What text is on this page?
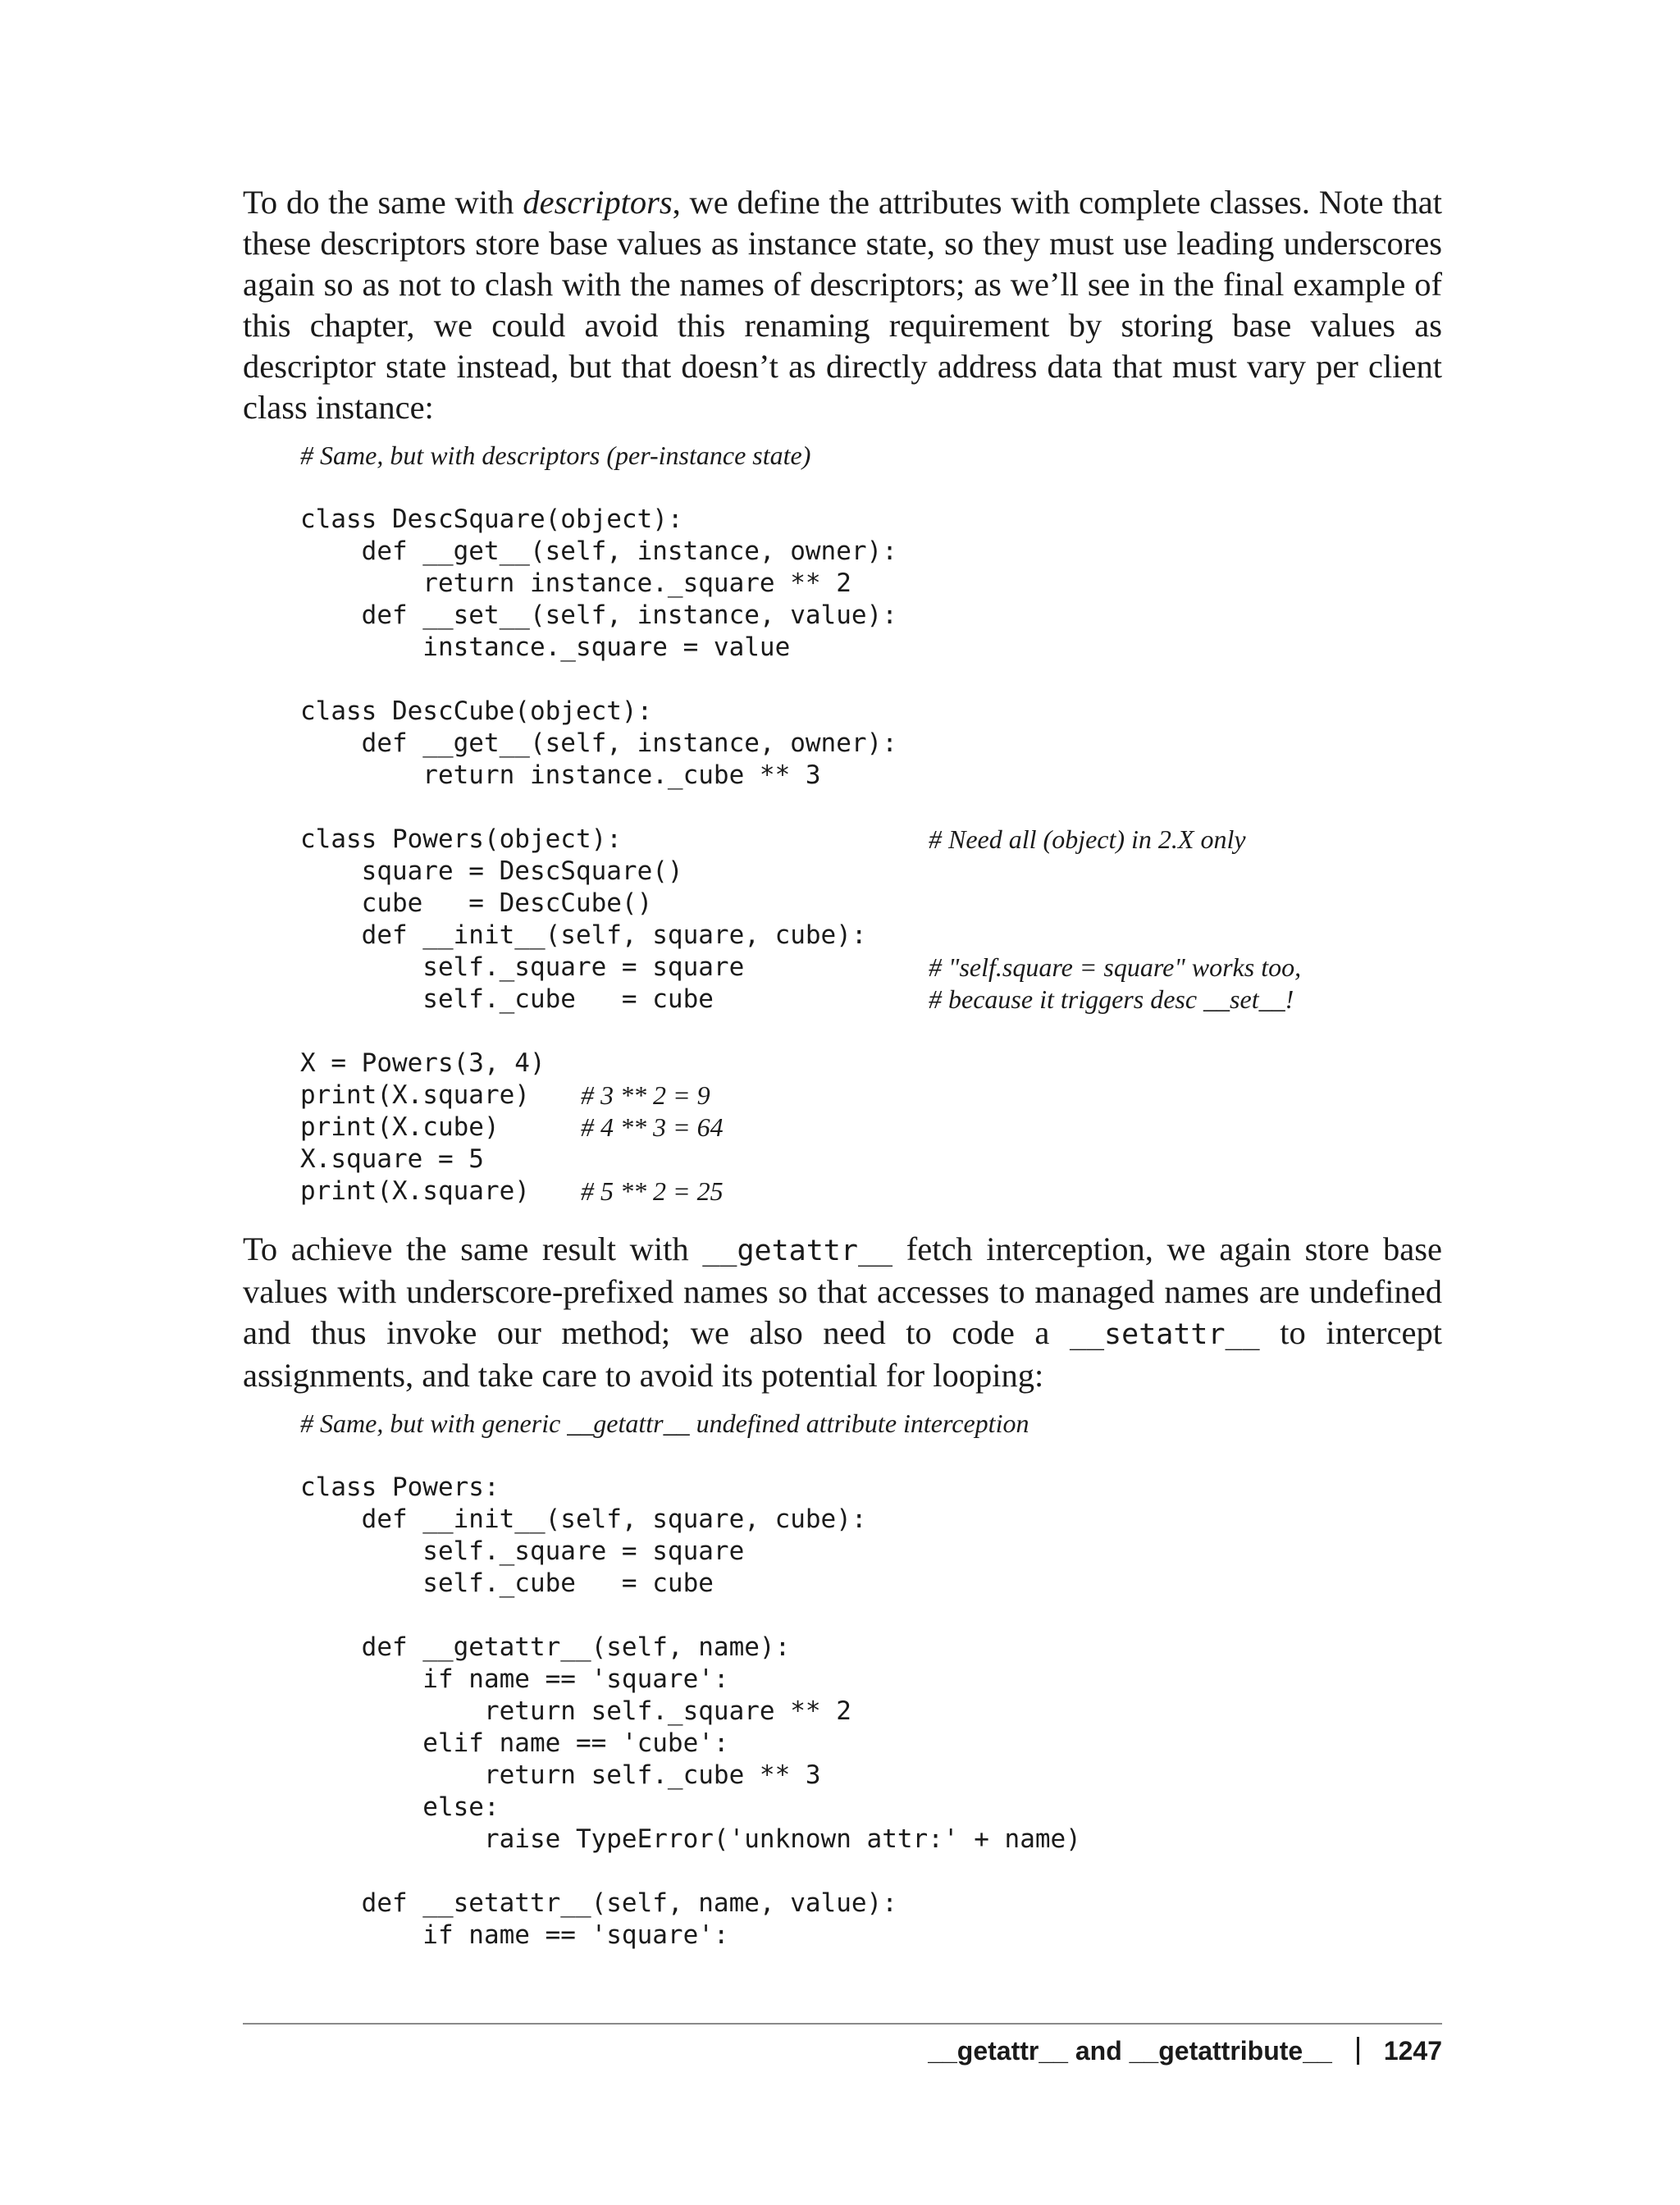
To do the same with descriptors, we define the attributes with complete classes. Note that these descriptors store base values as instance state, so they must use leading underscores again so as not to clash with the names of descriptors; as we’ll see in the final example of this chapter, we could avoid this renaming requirement by storing base values as descriptor state instead, but that doesn’t as directly address data that must vary per client class instance:

# Same, but with descriptors (per-instance state)
class DescSquare(object):
def __get__(self, instance, owner):
return instance._square ** 2
def __set__(self, instance, value):
instance._square = value
class DescCube(object):
def __get__(self, instance, owner):
return instance._cube ** 3
class Powers(object):	# Need all (object) in 2.X only
square = DescSquare()
cube   = DescCube()
def __init__(self, square, cube):
self._square = square	# "self.square = square" works too,
self._cube   = cube	# because it triggers desc __set__!
X = Powers(3, 4)
print(X.square) # 3 ** 2 = 9
print(X.cube)	# 4 ** 3 = 64
X.square = 5
print(X.square) # 5 ** 2 = 25

To achieve the same result with __getattr__ fetch interception, we again store base values with underscore-prefixed names so that accesses to managed names are undefined and thus invoke our method; we also need to code a __setattr__ to intercept assignments, and take care to avoid its potential for looping:

# Same, but with generic __getattr__ undefined attribute interception
class Powers:
def __init__(self, square, cube):
self._square = square
self._cube   = cube
def __getattr__(self, name):
if name == 'square':
return self._square ** 2
elif name == 'cube':
return self._cube ** 3
else:
raise TypeError('unknown attr:' + name)
def __setattr__(self, name, value):
if name == 'square':
__getattr__ and __getattribute__ 1247
